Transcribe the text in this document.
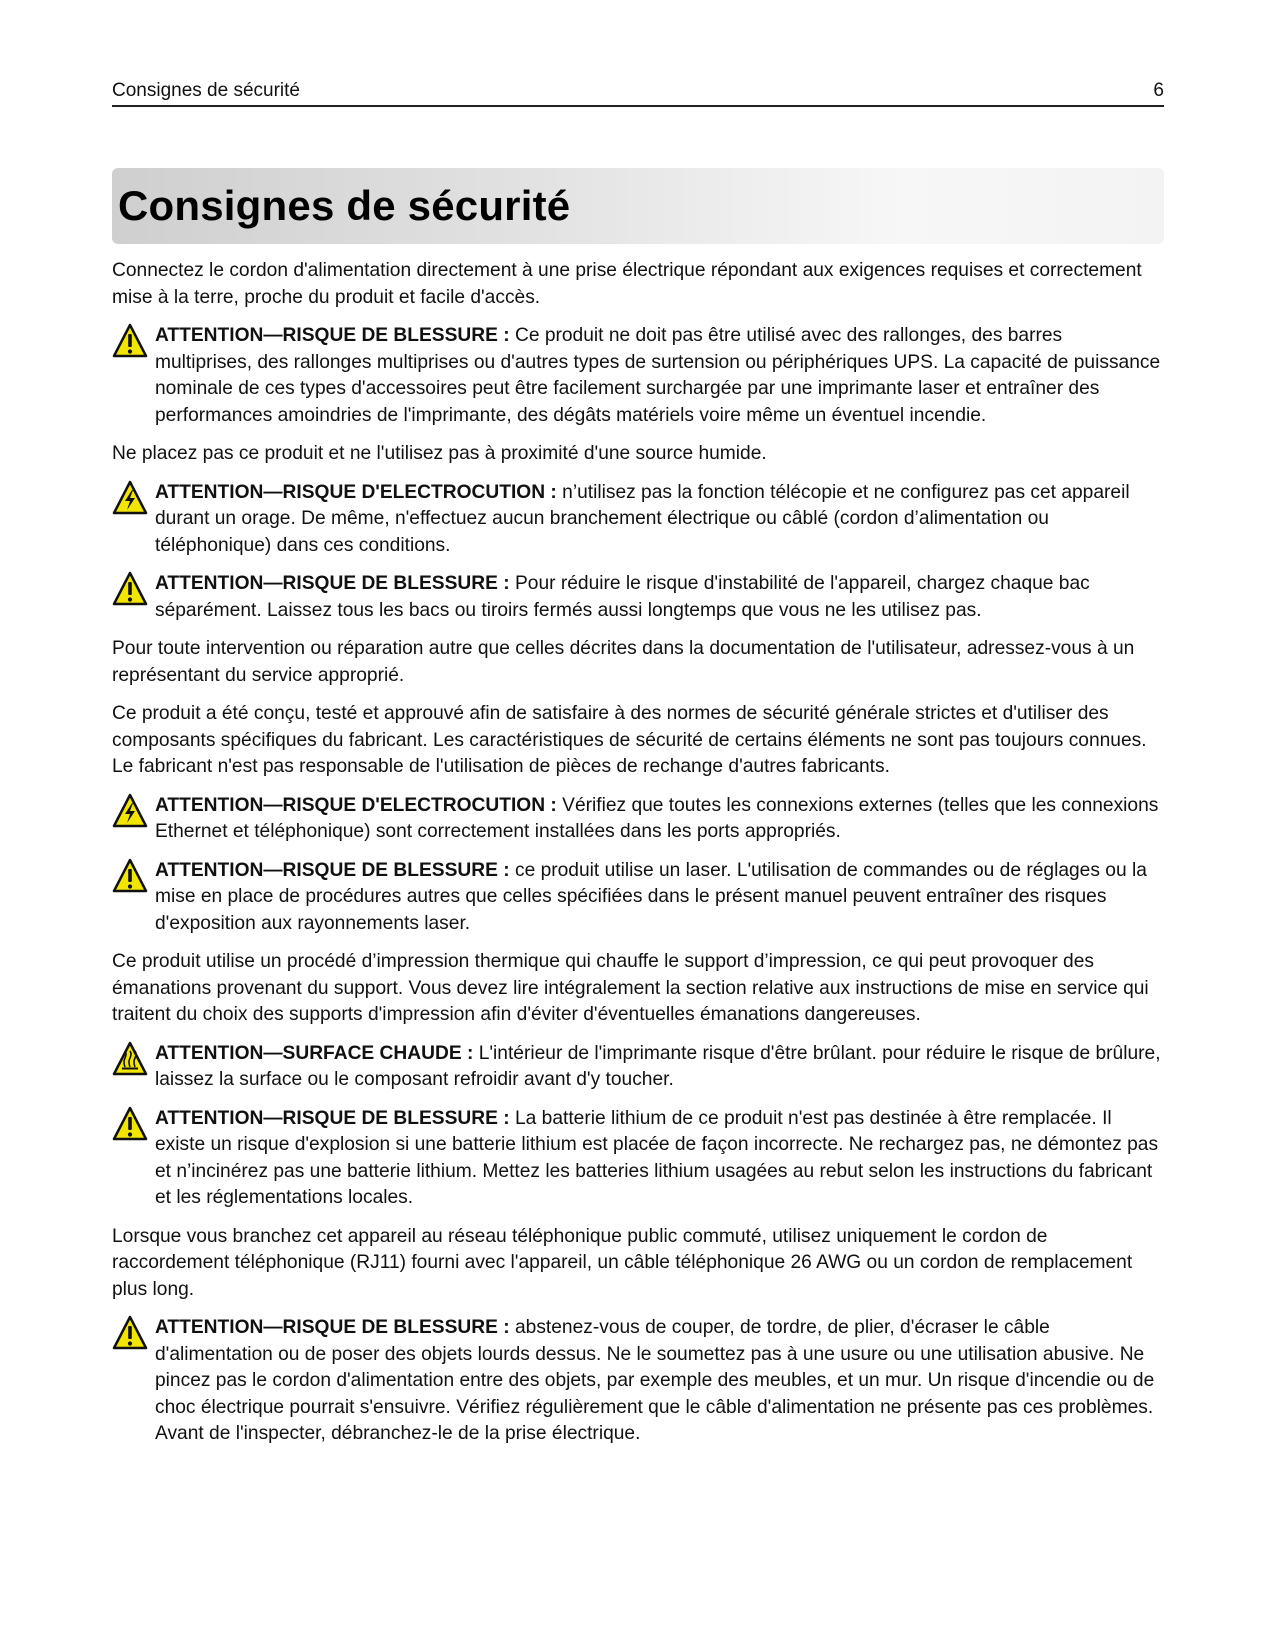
Consignes de sécurité	6
Consignes de sécurité

Connectez le cordon d'alimentation directement à une prise électrique répondant aux exigences requises et correctement mise à la terre, proche du produit et facile d'accès.

ATTENTION—RISQUE DE BLESSURE : Ce produit ne doit pas être utilisé avec des rallonges, des barres multiprises, des rallonges multiprises ou d'autres types de surtension ou périphériques UPS. La capacité de puissance nominale de ces types d'accessoires peut être facilement surchargée par une imprimante laser et entraîner des performances amoindries de l'imprimante, des dégâts matériels voire même un éventuel incendie.

Ne placez pas ce produit et ne l'utilisez pas à proximité d'une source humide.

ATTENTION—RISQUE D'ELECTROCUTION : n’utilisez pas la fonction télécopie et ne configurez pas cet appareil durant un orage. De même, n'effectuez aucun branchement électrique ou câblé (cordon d’alimentation ou téléphonique) dans ces conditions.
ATTENTION—RISQUE DE BLESSURE : Pour réduire le risque d'instabilité de l'appareil, chargez chaque bac séparément. Laissez tous les bacs ou tiroirs fermés aussi longtemps que vous ne les utilisez pas.

Pour toute intervention ou réparation autre que celles décrites dans la documentation de l'utilisateur, adressez-vous à un représentant du service approprié.

Ce produit a été conçu, testé et approuvé afin de satisfaire à des normes de sécurité générale strictes et d'utiliser des composants spécifiques du fabricant. Les caractéristiques de sécurité de certains éléments ne sont pas toujours connues. Le fabricant n'est pas responsable de l'utilisation de pièces de rechange d'autres fabricants.

ATTENTION—RISQUE D'ELECTROCUTION : Vérifiez que toutes les connexions externes (telles que les connexions Ethernet et téléphonique) sont correctement installées dans les ports appropriés.
ATTENTION—RISQUE DE BLESSURE : ce produit utilise un laser. L'utilisation de commandes ou de réglages ou la mise en place de procédures autres que celles spécifiées dans le présent manuel peuvent entraîner des risques d'exposition aux rayonnements laser.

Ce produit utilise un procédé d’impression thermique qui chauffe le support d’impression, ce qui peut provoquer des émanations provenant du support. Vous devez lire intégralement la section relative aux instructions de mise en service qui traitent du choix des supports d'impression afin d'éviter d'éventuelles émanations dangereuses.

ATTENTION—SURFACE CHAUDE : L'intérieur de l'imprimante risque d'être brûlant. pour réduire le risque de brûlure, laissez la surface ou le composant refroidir avant d'y toucher.
ATTENTION—RISQUE DE BLESSURE : La batterie lithium de ce produit n'est pas destinée à être remplacée. Il existe un risque d'explosion si une batterie lithium est placée de façon incorrecte. Ne rechargez pas, ne démontez pas et n’incinérez pas une batterie lithium. Mettez les batteries lithium usagées au rebut selon les instructions du fabricant et les réglementations locales.

Lorsque vous branchez cet appareil au réseau téléphonique public commuté, utilisez uniquement le cordon de raccordement téléphonique (RJ11) fourni avec l'appareil, un câble téléphonique 26 AWG ou un cordon de remplacement plus long.

ATTENTION—RISQUE DE BLESSURE : abstenez-vous de couper, de tordre, de plier, d'écraser le câble d'alimentation ou de poser des objets lourds dessus. Ne le soumettez pas à une usure ou une utilisation abusive. Ne pincez pas le cordon d'alimentation entre des objets, par exemple des meubles, et un mur. Un risque d'incendie ou de choc électrique pourrait s'ensuivre. Vérifiez régulièrement que le câble d'alimentation ne présente pas ces problèmes. Avant de l'inspecter, débranchez-le de la prise électrique.
